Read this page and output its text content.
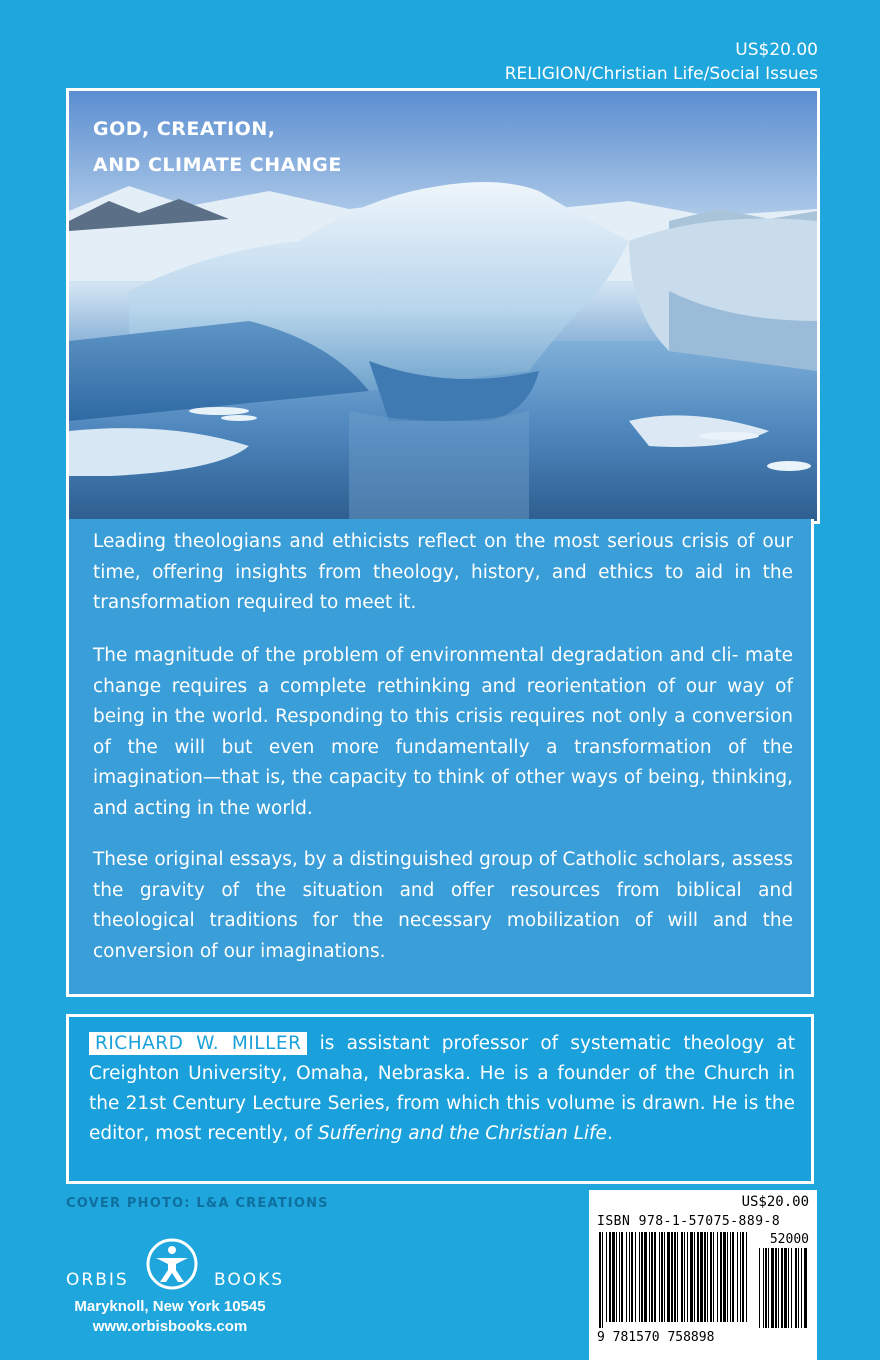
US$20.00
RELIGION/Christian Life/Social Issues
GOD, CREATION,
AND CLIMATE CHANGE

Leading theologians and ethicists reflect on the most serious crisis of our time, offering insights from theology, history, and ethics to aid in the transformation required to meet it.

The magnitude of the problem of environmental degradation and cli- mate change requires a complete rethinking and reorientation of our way of being in the world. Responding to this crisis requires not only a conversion of the will but even more fundamentally a transformation of the imagination—that is, the capacity to think of other ways of being, thinking, and acting in the world.

These original essays, by a distinguished group of Catholic scholars, assess the gravity of the situation and offer resources from biblical and theological traditions for the necessary mobilization of will and the conversion of our imaginations.

RICHARD W. MILLER is assistant professor of systematic theology at Creighton University, Omaha, Nebraska. He is a founder of the Church in the 21st Century Lecture Series, from which this volume is drawn. He is the editor, most recently, of Suffering and the Christian Life.

COVER PHOTO: L&A CREATIONS
ORBIS	BOOKS
Maryknoll, New York 10545
www.orbisbooks.com
US$20.00
ISBN 978-1-57075-889-8
52000
9 781570 758898
